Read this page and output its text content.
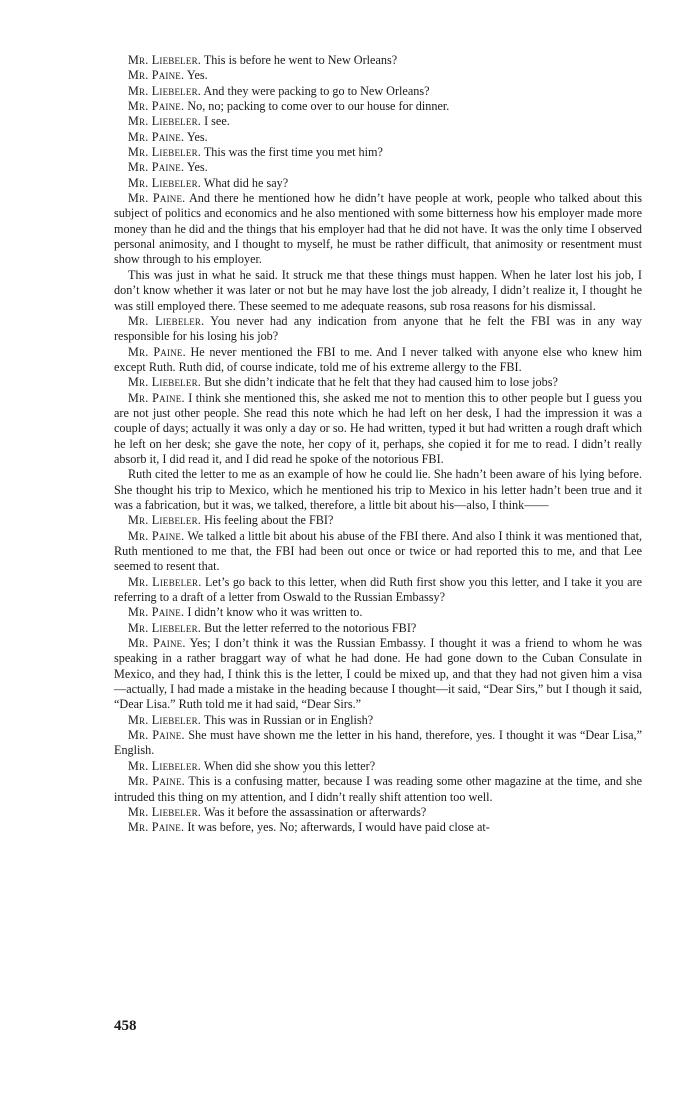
Mr. Liebeler. This is before he went to New Orleans?

Mr. Paine. Yes.

Mr. Liebeler. And they were packing to go to New Orleans?

Mr. Paine. No, no; packing to come over to our house for dinner.

Mr. Liebeler. I see.

Mr. Paine. Yes.

Mr. Liebeler. This was the first time you met him?

Mr. Paine. Yes.

Mr. Liebeler. What did he say?

Mr. Paine. And there he mentioned how he didn’t have people at work, people who talked about this subject of politics and economics and he also mentioned with some bitterness how his employer made more money than he did and the things that his employer had that he did not have. It was the only time I observed personal animosity, and I thought to myself, he must be rather difficult, that animosity or resentment must show through to his employer.

This was just in what he said. It struck me that these things must happen. When he later lost his job, I don’t know whether it was later or not but he may have lost the job already, I didn’t realize it, I thought he was still employed there. These seemed to me adequate reasons, sub rosa reasons for his dismissal.

Mr. Liebeler. You never had any indication from anyone that he felt the FBI was in any way responsible for his losing his job?

Mr. Paine. He never mentioned the FBI to me. And I never talked with anyone else who knew him except Ruth. Ruth did, of course indicate, told me of his extreme allergy to the FBI.

Mr. Liebeler. But she didn’t indicate that he felt that they had caused him to lose jobs?

Mr. Paine. I think she mentioned this, she asked me not to mention this to other people but I guess you are not just other people. She read this note which he had left on her desk, I had the impression it was a couple of days; actually it was only a day or so. He had written, typed it but had written a rough draft which he left on her desk; she gave the note, her copy of it, perhaps, she copied it for me to read. I didn’t really absorb it, I did read it, and I did read he spoke of the notorious FBI.

Ruth cited the letter to me as an example of how he could lie. She hadn’t been aware of his lying before. She thought his trip to Mexico, which he mentioned his trip to Mexico in his letter hadn’t been true and it was a fabrication, but it was, we talked, therefore, a little bit about his—also, I think——

Mr. Liebeler. His feeling about the FBI?

Mr. Paine. We talked a little bit about his abuse of the FBI there. And also I think it was mentioned that, Ruth mentioned to me that, the FBI had been out once or twice or had reported this to me, and that Lee seemed to resent that.

Mr. Liebeler. Let’s go back to this letter, when did Ruth first show you this letter, and I take it you are referring to a draft of a letter from Oswald to the Russian Embassy?

Mr. Paine. I didn’t know who it was written to.

Mr. Liebeler. But the letter referred to the notorious FBI?

Mr. Paine. Yes; I don’t think it was the Russian Embassy. I thought it was a friend to whom he was speaking in a rather braggart way of what he had done. He had gone down to the Cuban Consulate in Mexico, and they had, I think this is the letter, I could be mixed up, and that they had not given him a visa—actually, I had made a mistake in the heading because I thought—it said, “Dear Sirs,” but I though it said, “Dear Lisa.” Ruth told me it had said, “Dear Sirs.”

Mr. Liebeler. This was in Russian or in English?

Mr. Paine. She must have shown me the letter in his hand, therefore, yes. I thought it was “Dear Lisa,” English.

Mr. Liebeler. When did she show you this letter?

Mr. Paine. This is a confusing matter, because I was reading some other magazine at the time, and she intruded this thing on my attention, and I didn’t really shift attention too well.

Mr. Liebeler. Was it before the assassination or afterwards?

Mr. Paine. It was before, yes. No; afterwards, I would have paid close at-

458
